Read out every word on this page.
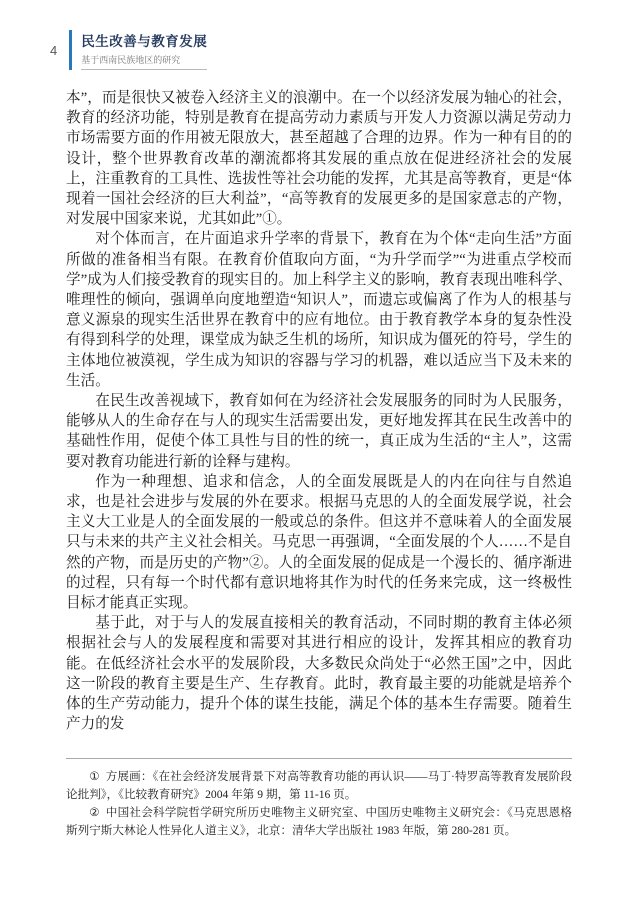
4
民生改善与教育发展
基于西南民族地区的研究

本”，而是很快又被卷入经济主义的浪潮中。在一个以经济发展为轴心的社会，教育的经济功能，特别是教育在提高劳动力素质与开发人力资源以满足劳动力市场需要方面的作用被无限放大，甚至超越了合理的边界。作为一种有目的的设计，整个世界教育改革的潮流都将其发展的重点放在促进经济社会的发展上，注重教育的工具性、选拔性等社会功能的发挥，尤其是高等教育，更是“体现着一国社会经济的巨大利益”，“高等教育的发展更多的是国家意志的产物，对发展中国家来说，尤其如此”①。

对个体而言，在片面追求升学率的背景下，教育在为个体“走向生活”方面所做的准备相当有限。在教育价值取向方面，“为升学而学”“为进重点学校而学”成为人们接受教育的现实目的。加上科学主义的影响，教育表现出唯科学、唯理性的倾向，强调单向度地塑造“知识人”，而遗忘或偏离了作为人的根基与意义源泉的现实生活世界在教育中的应有地位。由于教育教学本身的复杂性没有得到科学的处理，课堂成为缺乏生机的场所，知识成为僵死的符号，学生的主体地位被漠视，学生成为知识的容器与学习的机器，难以适应当下及未来的生活。

在民生改善视域下，教育如何在为经济社会发展服务的同时为人民服务，能够从人的生命存在与人的现实生活需要出发，更好地发挥其在民生改善中的基础性作用，促使个体工具性与目的性的统一，真正成为生活的“主人”，这需要对教育功能进行新的诠释与建构。

作为一种理想、追求和信念，人的全面发展既是人的内在向往与自然追求，也是社会进步与发展的外在要求。根据马克思的人的全面发展学说，社会主义大工业是人的全面发展的一般或总的条件。但这并不意味着人的全面发展只与未来的共产主义社会相关。马克思一再强调，“全面发展的个人……不是自然的产物，而是历史的产物”②。人的全面发展的促成是一个漫长的、循序渐进的过程，只有每一个时代都有意识地将其作为时代的任务来完成，这一终极性目标才能真正实现。

基于此，对于与人的发展直接相关的教育活动，不同时期的教育主体必须根据社会与人的发展程度和需要对其进行相应的设计，发挥其相应的教育功能。在低经济社会水平的发展阶段，大多数民众尚处于“必然王国”之中，因此这一阶段的教育主要是生产、生存教育。此时，教育最主要的功能就是培养个体的生产劳动能力，提升个体的谋生技能，满足个体的基本生存需要。随着生产力的发

① 方展画：《在社会经济发展背景下对高等教育功能的再认识——马丁·特罗高等教育发展阶段论批判》，《比较教育研究》2004 年第 9 期，第 11-16 页。

② 中国社会科学院哲学研究所历史唯物主义研究室、中国历史唯物主义研究会：《马克思恩格斯列宁斯大林论人性异化人道主义》，北京：清华大学出版社 1983 年版，第 280-281 页。
